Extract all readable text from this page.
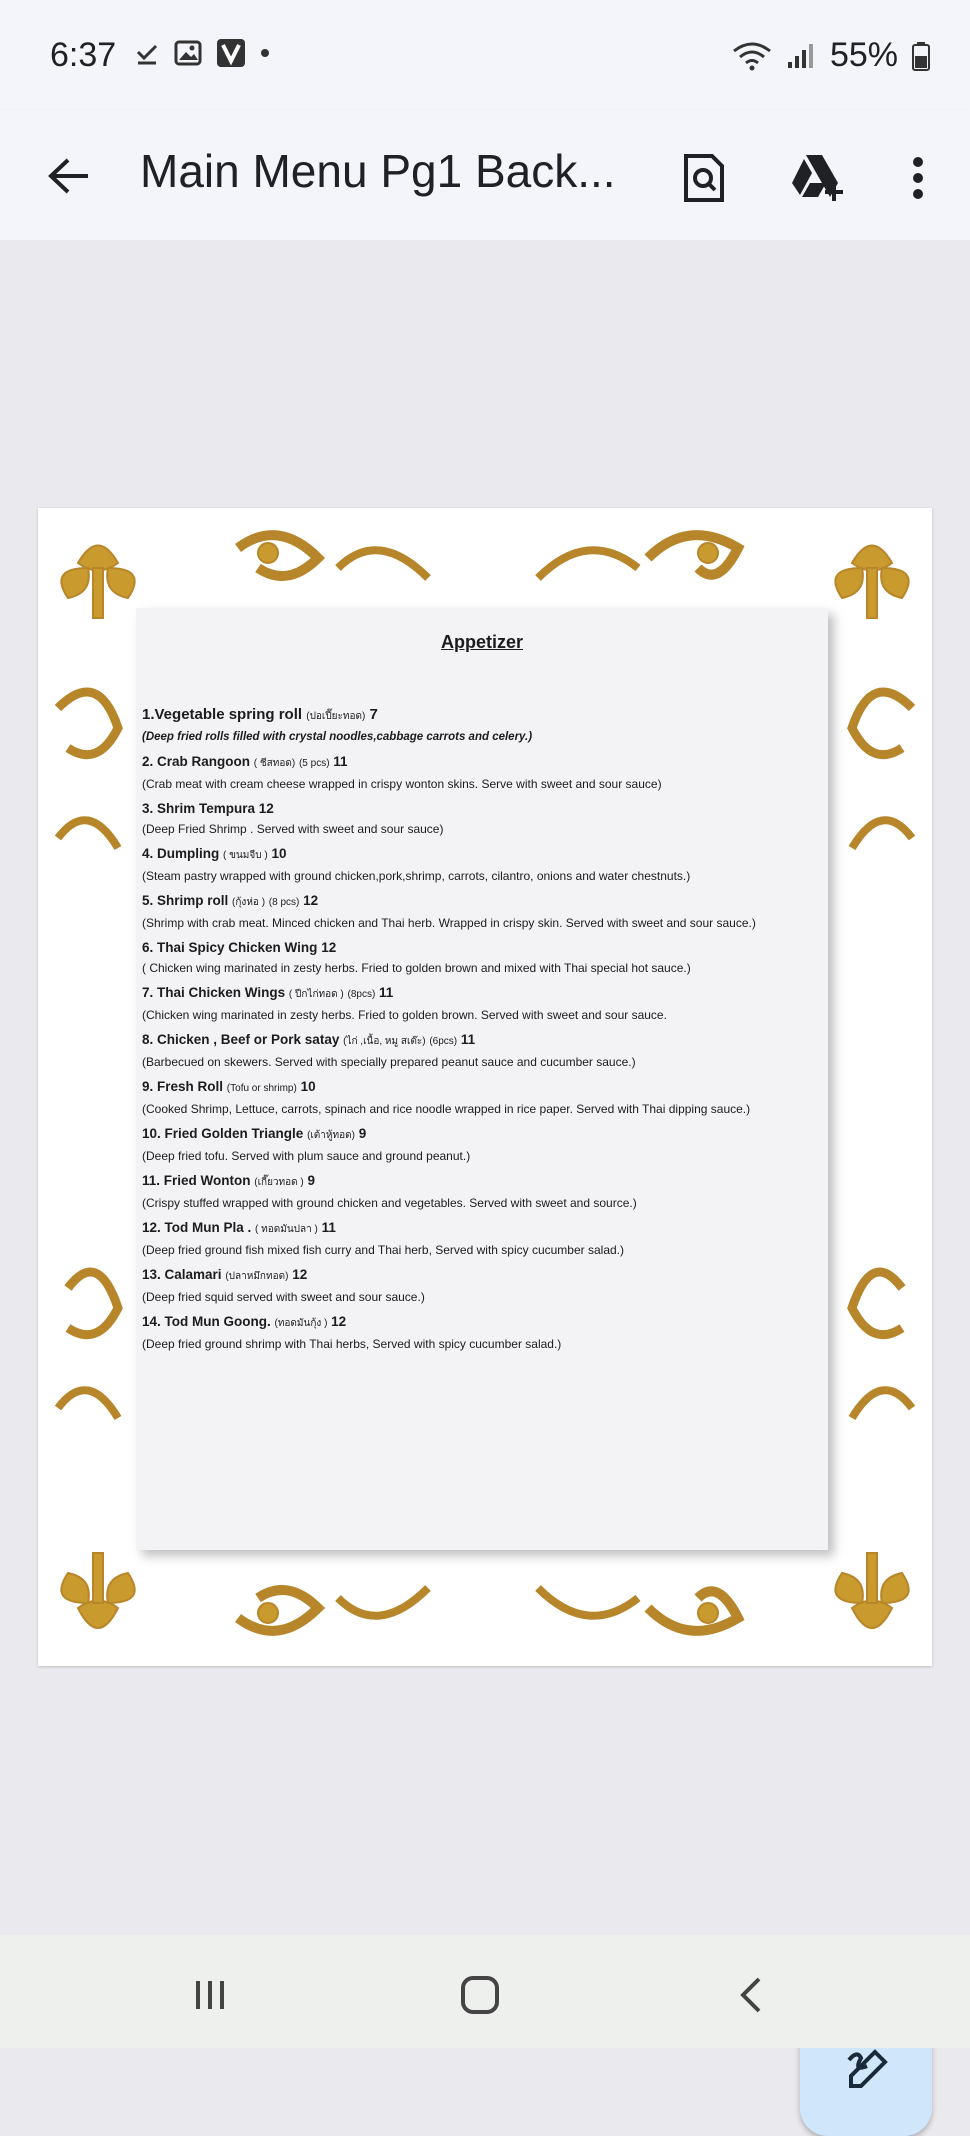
6:37	55%
Main Menu Pg1 Back...
Appetizer
1.Vegetable spring roll (ปอเปี๊ยะทอด) 7
(Deep fried rolls filled with crystal noodles,cabbage carrots and celery.)
2. Crab Rangoon ( ชีสทอด) (5 pcs) 11
(Crab meat with cream cheese wrapped in crispy wonton skins. Serve with sweet and sour sauce)
3. Shrim Tempura 12
(Deep Fried Shrimp . Served with sweet and sour sauce)
4. Dumpling ( ขนมจีบ ) 10
(Steam pastry wrapped with ground chicken,pork,shrimp, carrots, cilantro, onions and water chestnuts.)
5. Shrimp roll (กุ้งห่อ ) (8 pcs) 12
(Shrimp with crab meat. Minced chicken and Thai herb. Wrapped in crispy skin. Served with sweet and sour sauce.)
6. Thai Spicy Chicken Wing 12
( Chicken wing marinated in zesty herbs. Fried to golden brown and mixed with Thai special hot sauce.)
7. Thai Chicken Wings ( ปีกไก่ทอด ) (8pcs) 11
(Chicken wing marinated in zesty herbs. Fried to golden brown. Served with sweet and sour sauce.
8. Chicken , Beef or Pork satay (ไก่ ,เนื้อ, หมู สเต๊ะ) (6pcs) 11
(Barbecued on skewers. Served with specially prepared peanut sauce and cucumber sauce.)
9. Fresh Roll (Tofu or shrimp) 10
(Cooked Shrimp, Lettuce, carrots, spinach and rice noodle wrapped in rice paper. Served with Thai dipping sauce.)
10. Fried Golden Triangle (เต้าหู้ทอด) 9
(Deep fried tofu. Served with plum sauce and ground peanut.)
11. Fried Wonton (เกี๊ยวทอด ) 9
(Crispy stuffed wrapped with ground chicken and vegetables. Served with sweet and source.)
12. Tod Mun Pla . ( ทอดมันปลา ) 11
(Deep fried ground fish mixed fish curry and Thai herb, Served with spicy cucumber salad.)
13. Calamari (ปลาหมึกทอด) 12
(Deep fried squid served with sweet and sour sauce.)
14. Tod Mun Goong. (ทอดมันกุ้ง ) 12
(Deep fried ground shrimp with Thai herbs, Served with spicy cucumber salad.)
